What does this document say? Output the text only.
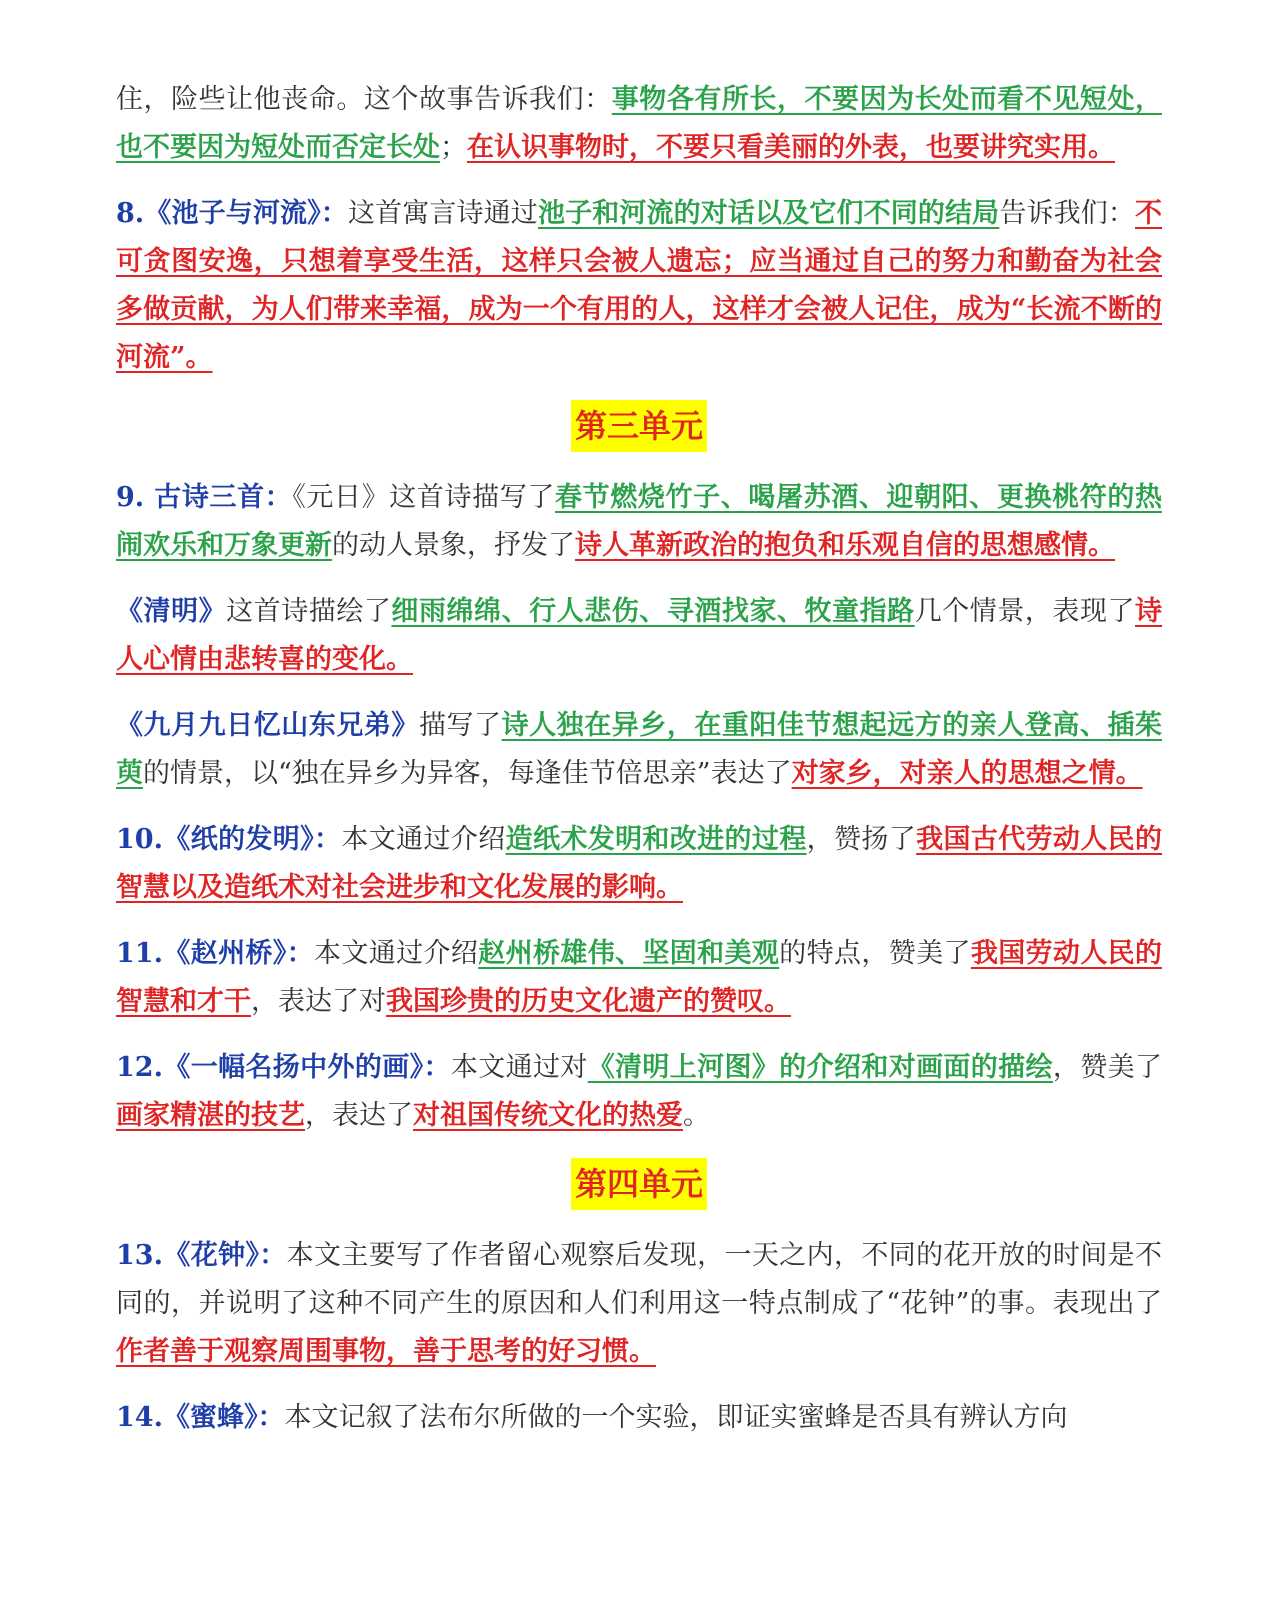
住，险些让他丧命。这个故事告诉我们：事物各有所长，不要因为长处而看不见短处，也不要因为短处而否定长处；在认识事物时，不要只看美丽的外表，也要讲究实用。

8.《池子与河流》：这首寓言诗通过池子和河流的对话以及它们不同的结局告诉我们：不可贪图安逸，只想着享受生活，这样只会被人遗忘；应当通过自己的努力和勤奋为社会多做贡献，为人们带来幸福，成为一个有用的人，这样才会被人记住，成为“长流不断的河流”。

第三单元

9. 古诗三首：《元日》这首诗描写了春节燃烧竹子、喝屠苏酒、迎朝阳、更换桃符的热闹欢乐和万象更新的动人景象，抒发了诗人革新政治的抱负和乐观自信的思想感情。

《清明》这首诗描绘了细雨绵绵、行人悲伤、寻酒找家、牧童指路几个情景，表现了诗人心情由悲转喜的变化。

《九月九日忆山东兄弟》描写了诗人独在异乡，在重阳佳节想起远方的亲人登高、插茱萸的情景，以“独在异乡为异客，每逢佳节倍思亲”表达了对家乡，对亲人的思想之情。

10.《纸的发明》：本文通过介绍造纸术发明和改进的过程，赞扬了我国古代劳动人民的智慧以及造纸术对社会进步和文化发展的影响。

11.《赵州桥》：本文通过介绍赵州桥雄伟、坚固和美观的特点，赞美了我国劳动人民的智慧和才干，表达了对我国珍贵的历史文化遗产的赞叹。

12.《一幅名扬中外的画》：本文通过对《清明上河图》的介绍和对画面的描绘，赞美了画家精湛的技艺，表达了对祖国传统文化的热爱。

第四单元

13.《花钟》：本文主要写了作者留心观察后发现，一天之内，不同的花开放的时间是不同的，并说明了这种不同产生的原因和人们利用这一特点制成了“花钟”的事。表现出了作者善于观察周围事物，善于思考的好习惯。

14.《蜜蜂》：本文记叙了法布尔所做的一个实验，即证实蜜蜂是否具有辨认方向
